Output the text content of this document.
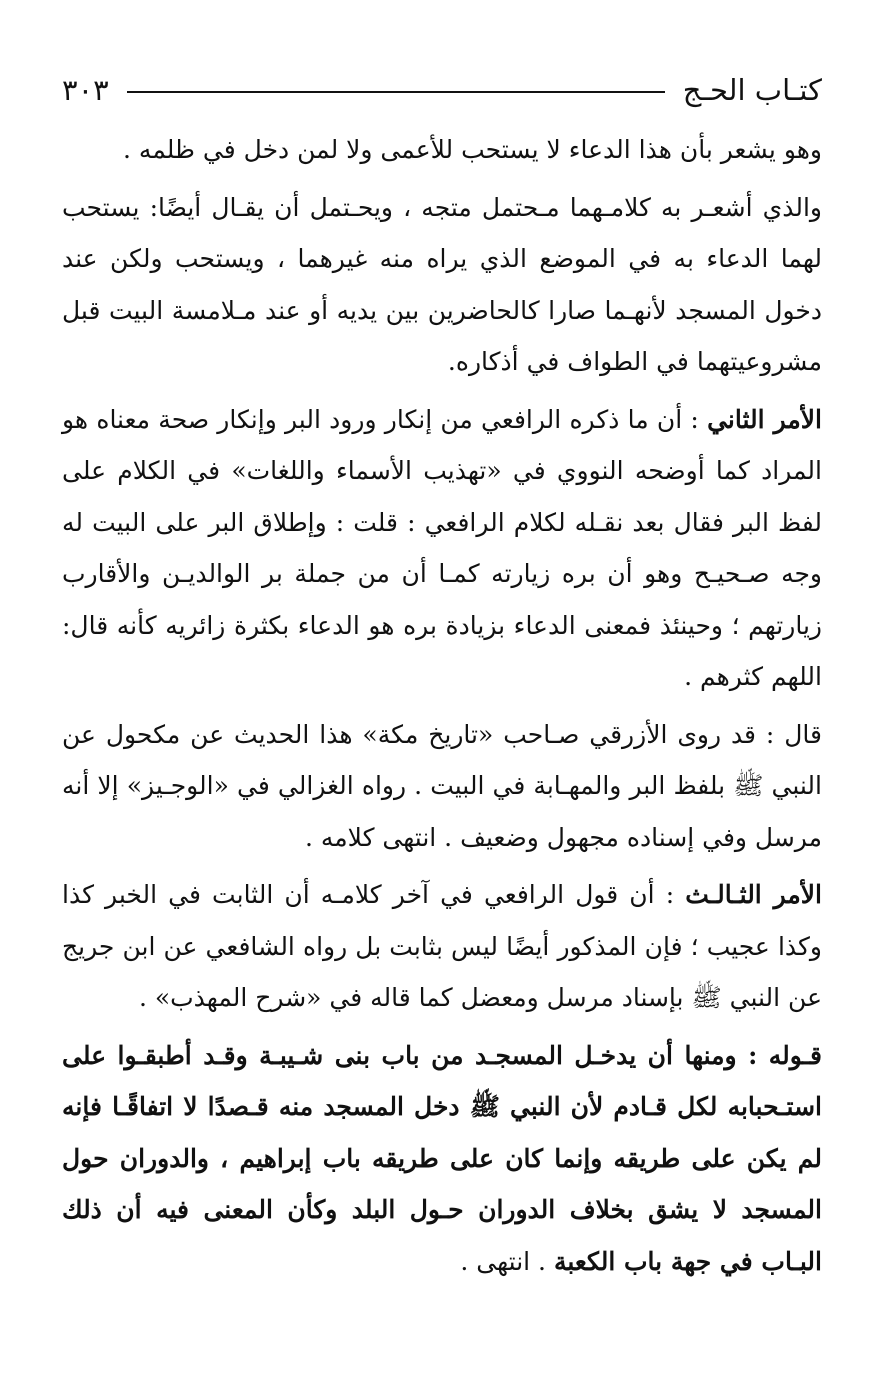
كتـاب الحـج
٣٠٣

وهو يشعر بأن هذا الدعاء لا يستحب للأعمى ولا لمن دخل في ظلمه .

والذي أشعـر به كلامـهما مـحتمل متجه ، ويحـتمل أن يقـال أيضًا: يستحب لهما الدعاء به في الموضع الذي يراه منه غيرهما ، ويستحب ولكن عند دخول المسجد لأنهـما صارا كالحاضرين بين يديه أو عند مـلامسة البيت قبل مشروعيتهما في الطواف في أذكاره.

الأمر الثاني : أن ما ذكره الرافعي من إنكار ورود البر وإنكار صحة معناه هو المراد كما أوضحه النووي في «تهذيب الأسماء واللغات» في الكلام على لفظ البر فقال بعد نقـله لكلام الرافعي : قلت : وإطلاق البر على البيت له وجه صـحيـح وهو أن بره زيارته كمـا أن من جملة بر الوالديـن والأقارب زيارتهم ؛ وحينئذ فمعنى الدعاء بزيادة بره هو الدعاء بكثرة زائريه كأنه قال: اللهم كثرهم .

قال : قد روى الأزرقي صـاحب «تاريخ مكة» هذا الحديث عن مكحول عن النبي ﷺ بلفظ البر والمهـابة في البيت . رواه الغزالي في «الوجـيز» إلا أنه مرسل وفي إسناده مجهول وضعيف . انتهى كلامه .

الأمر الثـالـث : أن قول الرافعي في آخر كلامـه أن الثابت في الخبر كذا وكذا عجيب ؛ فإن المذكور أيضًا ليس بثابت بل رواه الشافعي عن ابن جريج عن النبي ﷺ بإسناد مرسل ومعضل كما قاله في «شرح المهذب» .

قـوله : ومنها أن يدخـل المسجـد من باب بنى شـيبـة وقـد أطبقـوا على استـحبابه لكل قـادم لأن النبي ﷺ دخل المسجد منه قـصدًا لا اتفاقًـا فإنه لم يكن على طريقه وإنما كان على طريقه باب إبراهيم ، والدوران حول المسجد لا يشق بخلاف الدوران حـول البلد وكأن المعنى فيه أن ذلك البـاب في جهة باب الكعبة . انتهى .
